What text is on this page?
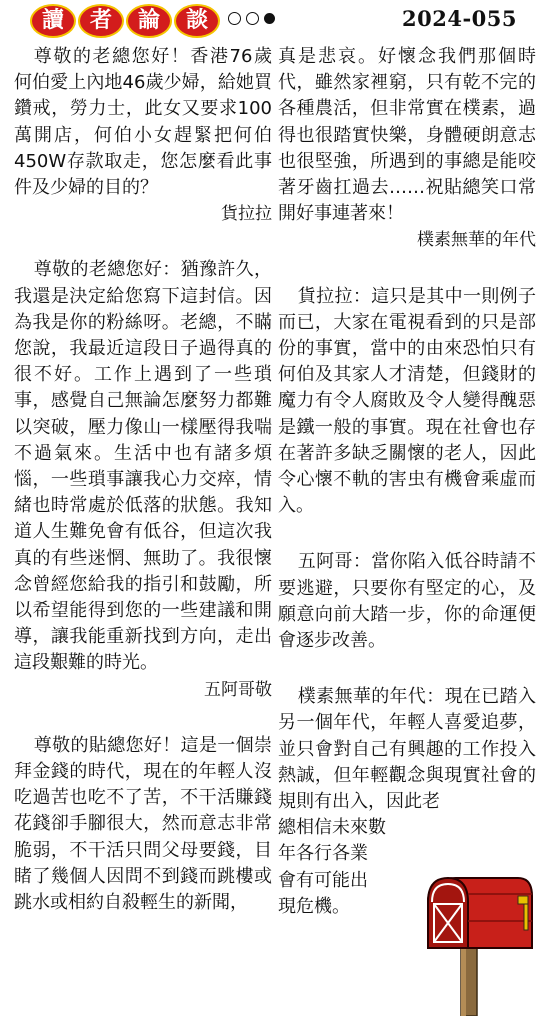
讀	者	論	談	2024-055

尊敬的老總您好！香港76歲何伯愛上內地46歲少婦，給她買鑽戒，勞力士，此女又要求100萬開店，何伯小女趕緊把何伯450W存款取走，您怎麼看此事件及少婦的目的？

貨拉拉

尊敬的老總您好：猶豫許久，我還是決定給您寫下這封信。因為我是你的粉絲呀。老總，不瞞您說，我最近這段日子過得真的很不好。工作上遇到了一些瑣事，感覺自己無論怎麼努力都難以突破，壓力像山一樣壓得我喘不過氣來。生活中也有諸多煩惱，一些瑣事讓我心力交瘁，情緒也時常處於低落的狀態。我知道人生難免會有低谷，但這次我真的有些迷惘、無助了。我很懷念曾經您給我的指引和鼓勵，所以希望能得到您的一些建議和開導，讓我能重新找到方向，走出這段艱難的時光。

五阿哥敬

尊敬的貼總您好！這是一個崇拜金錢的時代，現在的年輕人沒吃過苦也吃不了苦，不干活賺錢花錢卻手腳很大，然而意志非常脆弱，不干活只問父母要錢，目睹了幾個人因問不到錢而跳樓或跳水或相約自殺輕生的新聞，

真是悲哀。好懷念我們那個時代，雖然家裡窮，只有乾不完的各種農活，但非常實在樸素，過得也很踏實快樂，身體硬朗意志也很堅強，所遇到的事總是能咬著牙齒扛過去……祝貼總笑口常開好事連著來！

樸素無華的年代

貨拉拉：這只是其中一則例子而已，大家在電視看到的只是部份的事實，當中的由來恐怕只有何伯及其家人才清楚，但錢財的魔力有令人腐敗及令人變得醜惡是鐵一般的事實。現在社會也存在著許多缺乏關懷的老人，因此令心懷不軌的害虫有機會乘虛而入。

五阿哥：當你陷入低谷時請不要逃避，只要你有堅定的心，及願意向前大踏一步，你的命運便會逐步改善。

樸素無華的年代：現在已踏入另一個年代，年輕人喜愛追夢，並只會對自己有興趣的工作投入熱誠，但年輕觀念與現實社會的規則有出入，因此老

總相信未來數
年各行各業
會有可能出
現危機。
